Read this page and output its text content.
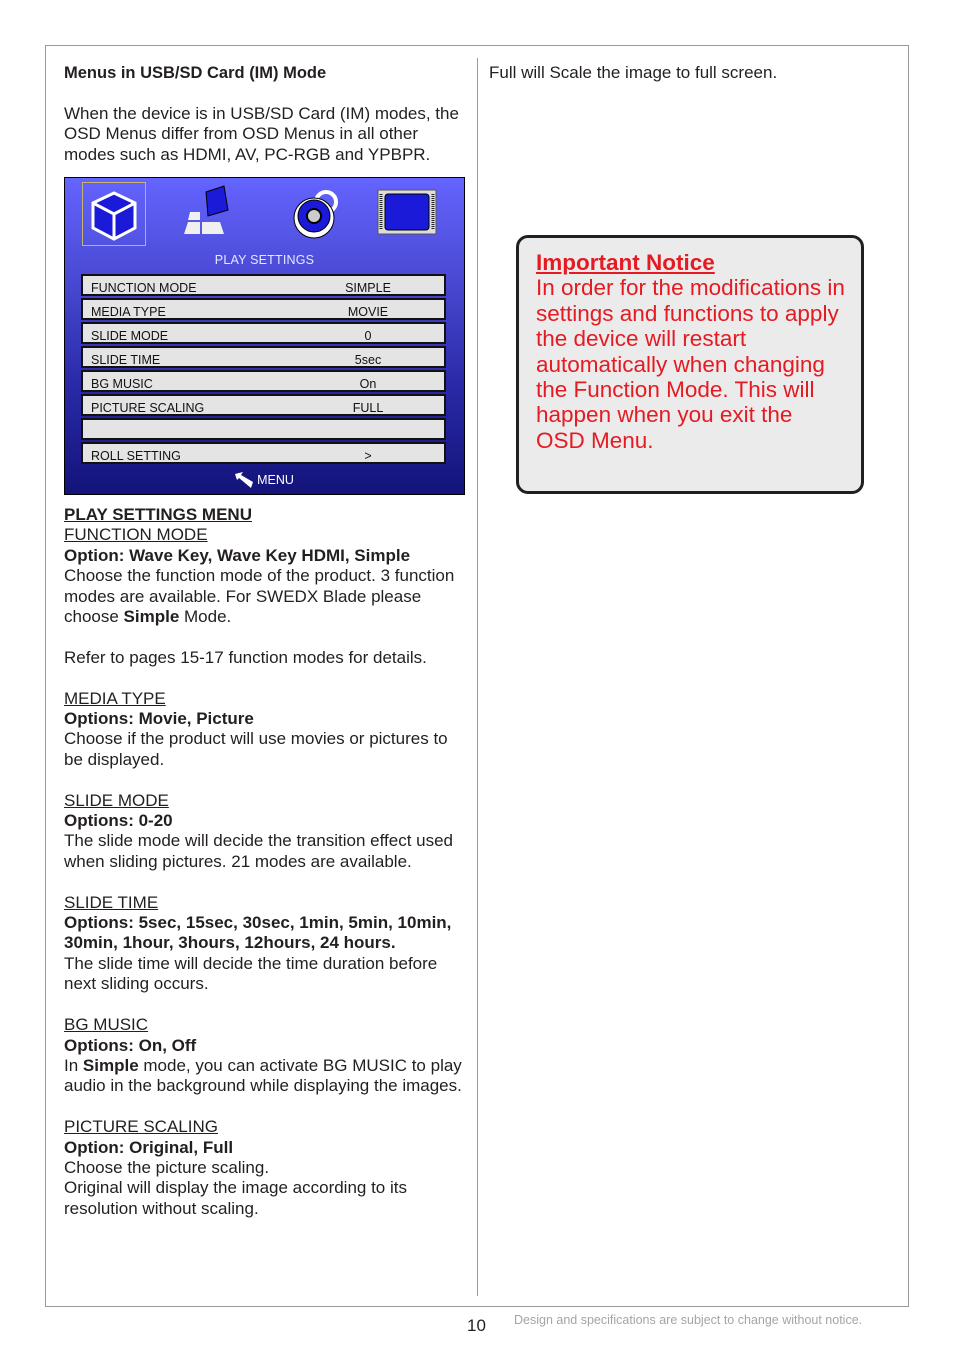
Menus in USB/SD Card (IM) Mode

When the device is in USB/SD Card (IM) modes, the OSD Menus differ from OSD Menus in all other modes such as HDMI, AV, PC-RGB and YPBPR.

PLAY SETTINGS
FUNCTION MODE	SIMPLE
MEDIA TYPE	MOVIE
SLIDE MODE	0
SLIDE TIME	5sec
BG MUSIC	On
PICTURE SCALING	FULL
ROLL SETTING	>
MENU

PLAY SETTINGS MENU

FUNCTION MODE

Option: Wave Key, Wave Key HDMI, Simple

Choose the function mode of the product. 3 function modes are available. For SWEDX Blade please choose Simple Mode.

Refer to pages 15-17 function modes for details.

MEDIA TYPE

Options: Movie, Picture

Choose if the product will use movies or pictures to be displayed.

SLIDE MODE

Options: 0-20

The slide mode will decide the transition effect used when sliding pictures. 21 modes are available.

SLIDE TIME

Options: 5sec, 15sec, 30sec, 1min, 5min, 10min, 30min, 1hour, 3hours, 12hours, 24 hours.

The slide time will decide the time duration before next sliding occurs.

BG MUSIC

Options: On, Off

In Simple mode, you can activate BG MUSIC to play audio in the background while displaying the images.

PICTURE SCALING

Option: Original, Full

Choose the picture scaling.

Original will display the image according to its resolution without scaling.

Full will Scale the image to full screen.

Important Notice
In order for the modifications in settings and functions to apply the device will restart automatically when changing the Function Mode. This will happen when you exit the OSD Menu.
10 Design and specifications are subject to change without notice.
